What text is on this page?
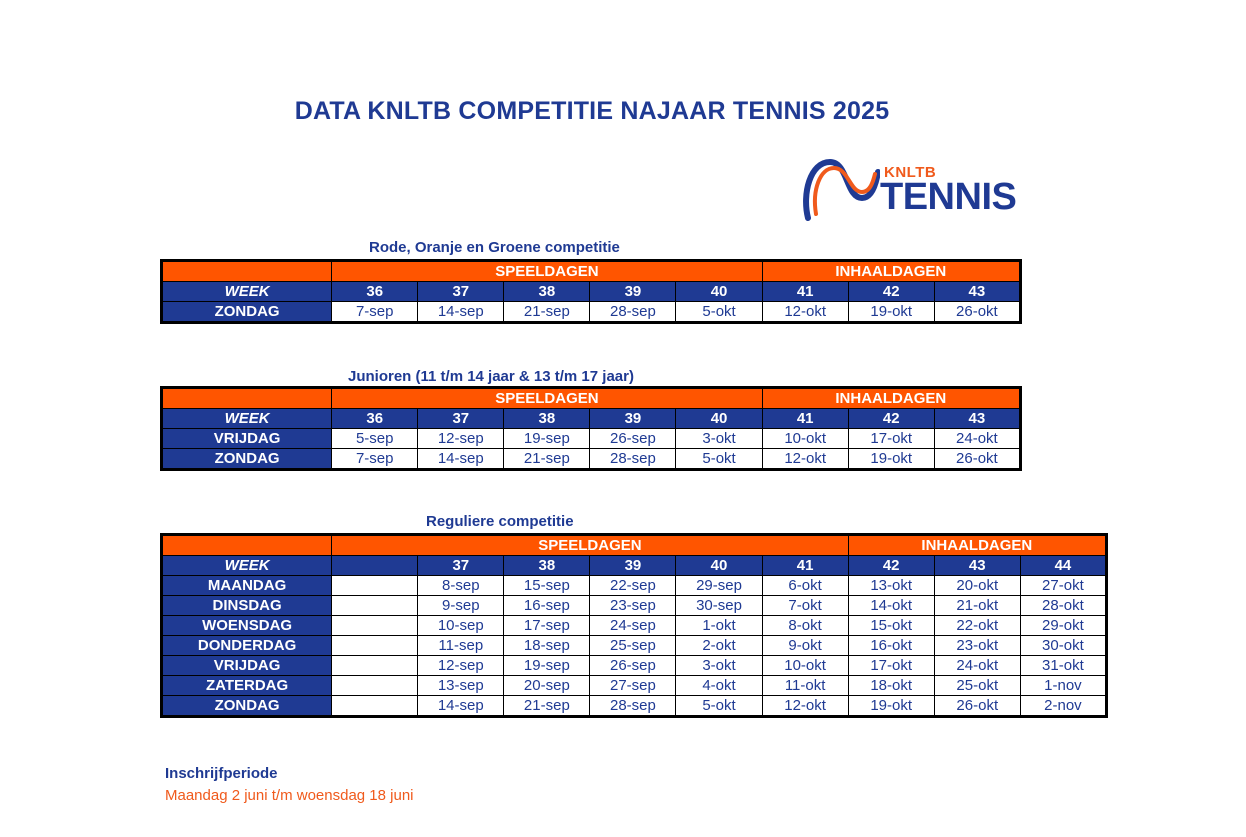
DATA KNLTB COMPETITIE NAJAAR TENNIS 2025
KNLTB
TENNIS
Rode, Oranje en Groene competitie
	SPEELDAGEN					INHAALDAGEN		
WEEK	36	37	38	39	40	41	42	43
ZONDAG	7-sep	14-sep	21-sep	28-sep	5-okt	12-okt	19-okt	26-okt
Junioren (11 t/m 14 jaar & 13 t/m 17 jaar)
	SPEELDAGEN					INHAALDAGEN		
WEEK	36	37	38	39	40	41	42	43
VRIJDAG	5-sep	12-sep	19-sep	26-sep	3-okt	10-okt	17-okt	24-okt
ZONDAG	7-sep	14-sep	21-sep	28-sep	5-okt	12-okt	19-okt	26-okt
Reguliere competitie
	SPEELDAGEN						INHAALDAGEN		
WEEK		37	38	39	40	41	42	43	44
MAANDAG		8-sep	15-sep	22-sep	29-sep	6-okt	13-okt	20-okt	27-okt
DINSDAG		9-sep	16-sep	23-sep	30-sep	7-okt	14-okt	21-okt	28-okt
WOENSDAG		10-sep	17-sep	24-sep	1-okt	8-okt	15-okt	22-okt	29-okt
DONDERDAG		11-sep	18-sep	25-sep	2-okt	9-okt	16-okt	23-okt	30-okt
VRIJDAG		12-sep	19-sep	26-sep	3-okt	10-okt	17-okt	24-okt	31-okt
ZATERDAG		13-sep	20-sep	27-sep	4-okt	11-okt	18-okt	25-okt	1-nov
ZONDAG		14-sep	21-sep	28-sep	5-okt	12-okt	19-okt	26-okt	2-nov
Inschrijfperiode
Maandag 2 juni t/m woensdag 18 juni
